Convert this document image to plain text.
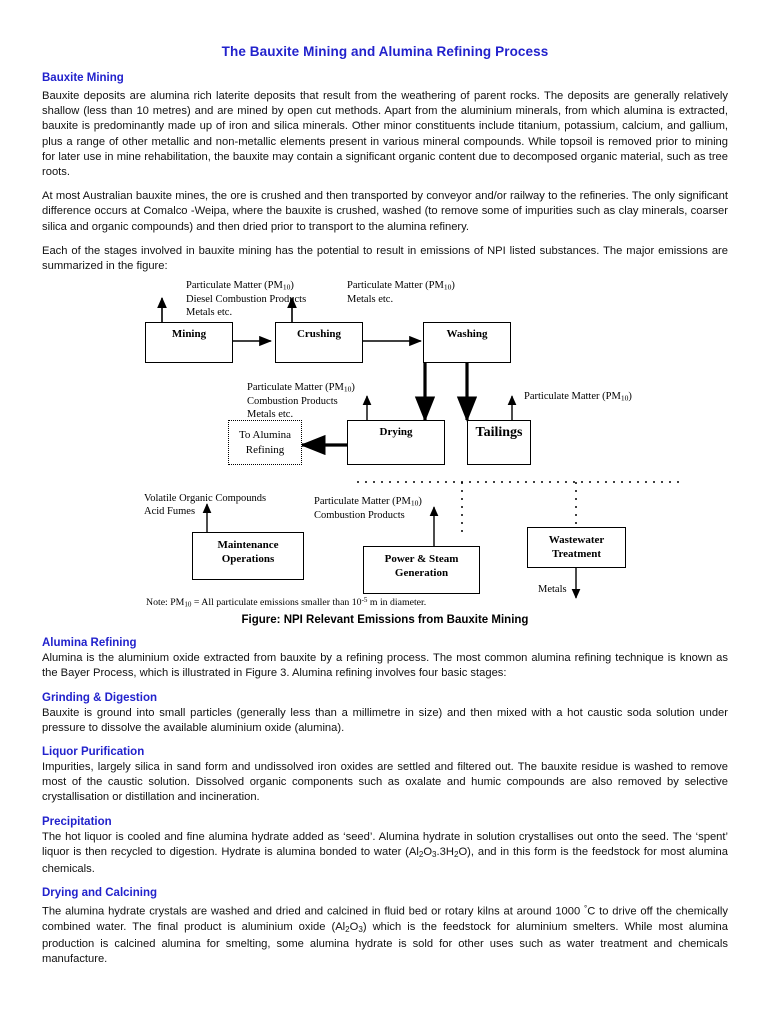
The Bauxite Mining and Alumina Refining Process
Bauxite Mining

Bauxite deposits are alumina rich laterite deposits that result from the weathering of parent rocks. The deposits are generally relatively shallow (less than 10 metres) and are mined by open cut methods. Apart from the aluminium minerals, from which alumina is extracted, bauxite is predominantly made up of iron and silica minerals. Other minor constituents include titanium, potassium, calcium, and gallium, plus a range of other metallic and non-metallic elements present in various mineral compounds. While topsoil is removed prior to mining for later use in mine rehabilitation, the bauxite may contain a significant organic content due to decomposed organic material, such as tree roots.

At most Australian bauxite mines, the ore is crushed and then transported by conveyor and/or railway to the refineries. The only significant difference occurs at Comalco -Weipa, where the bauxite is crushed, washed (to remove some of impurities such as clay minerals, coarser silica and organic compounds) and then dried prior to transport to the alumina refinery.

Each of the stages involved in bauxite mining has the potential to result in emissions of NPI listed substances. The major emissions are summarized in the figure:

Particulate Matter $(PM_{10})$
Diesel Combustion Products
Metals etc.
Particulate Matter $(PM_{10})$
Metals etc.
Particulate Matter $(PM_{10})$
Combustion Products
Metals etc.
Particulate Matter $(PM_{10})$
Volatile Organic Compounds
Acid Fumes
Particulate Matter $(PM_{10})$
Combustion Products
Metals
Mining	Crushing	Washing
Drying	Tailings
To Alumina
Refining
Maintenance
Operations	Power & Steam
Generation
Wastewater
Treatment
Note: $PM_{10}$ = All particulate emissions smaller than $10^{-5}$ m in diameter.
Figure: NPI Relevant Emissions from Bauxite Mining
Alumina Refining

Alumina is the aluminium oxide extracted from bauxite by a refining process. The most common alumina refining technique is known as the Bayer Process, which is illustrated in Figure 3. Alumina refining involves four basic stages:

Grinding & Digestion

Bauxite is ground into small particles (generally less than a millimetre in size) and then mixed with a hot caustic soda solution under pressure to dissolve the available aluminium oxide (alumina).

Liquor Purification

Impurities, largely silica in sand form and undissolved iron oxides are settled and filtered out. The bauxite residue is washed to remove most of the caustic solution. Dissolved organic components such as oxalate and humic compounds are also removed by selective crystallisation or distillation and incineration.

Precipitation

The hot liquor is cooled and fine alumina hydrate added as ‘seed’. Alumina hydrate in solution crystallises out onto the seed. The ‘spent’ liquor is then recycled to digestion. Hydrate is alumina bonded to water $(Al_2O_3.3H_2O)$, and in this form is the feedstock for most alumina chemicals.

Drying and Calcining

The alumina hydrate crystals are washed and dried and calcined in fluid bed or rotary kilns at around 1000 °C to drive off the chemically combined water. The final product is aluminium oxide $(Al_2O_3)$ which is the feedstock for aluminium smelters. While most alumina production is calcined alumina for smelting, some alumina hydrate is sold for other uses such as water treatment and chemicals manufacture.
